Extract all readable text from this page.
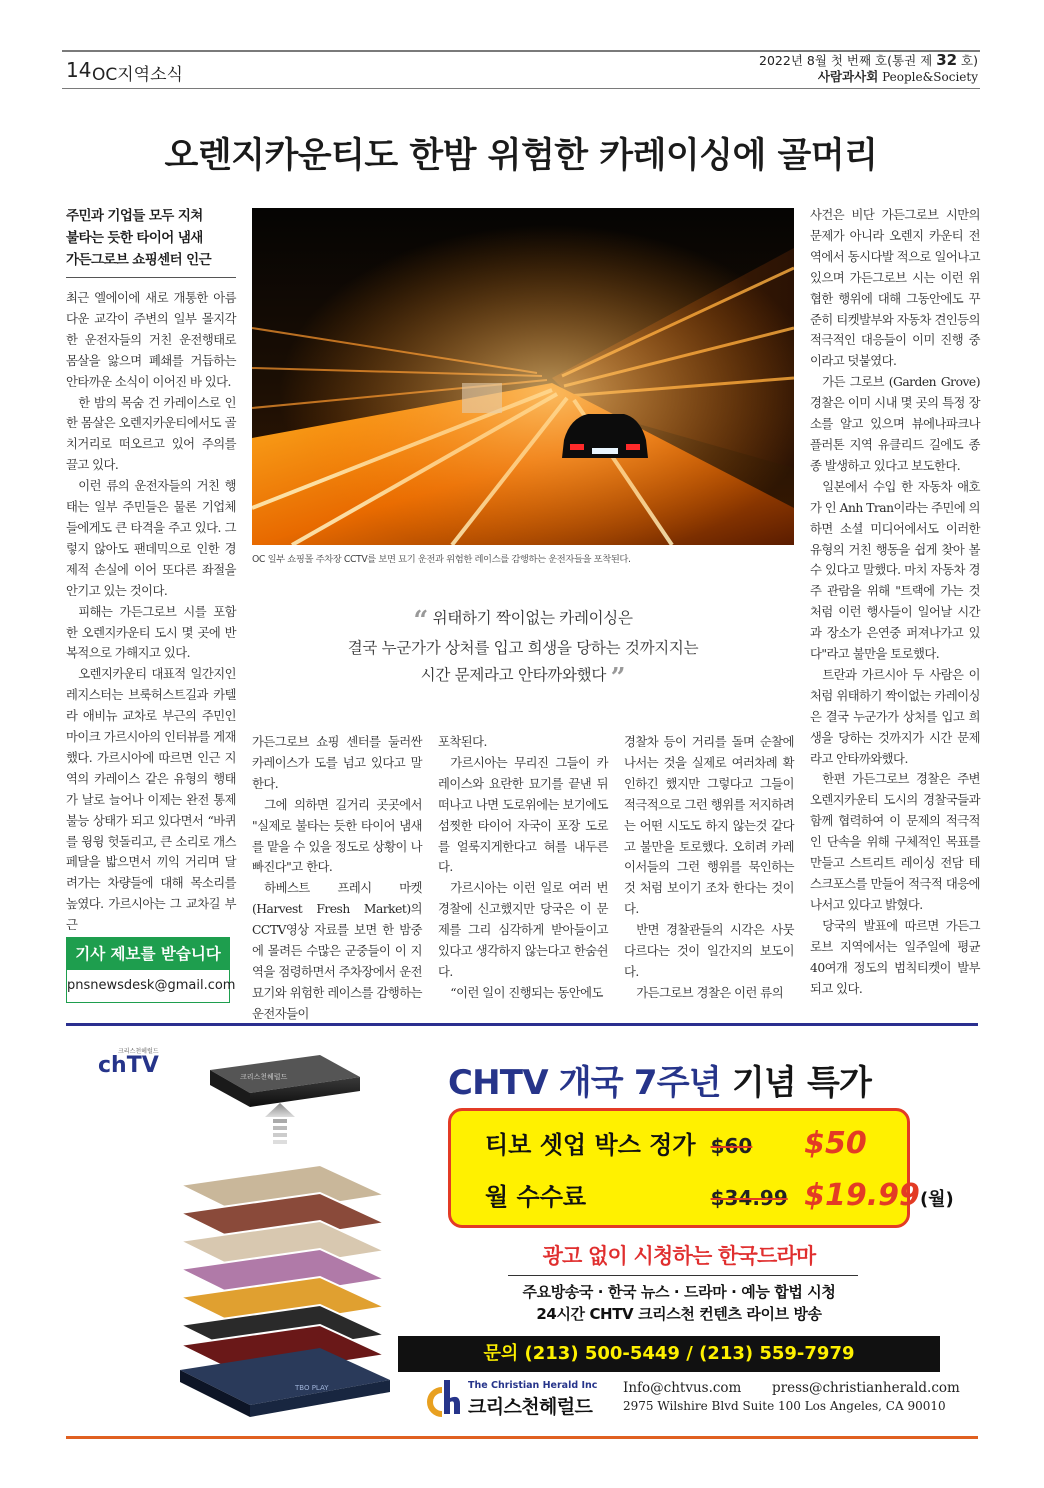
14 OC지역소식
2022년 8월 첫 번째 호(통권 제 32 호)
사람과사회 People&Society
오렌지카운티도 한밤 위험한 카레이싱에 골머리
주민과 기업들 모두 지쳐
불타는 듯한 타이어 냄새
가든그로브 쇼핑센터 인근

최근 엘에이에 새로 개통한 아름다운 교각이 주변의 일부 몰지각한 운전자들의 거친 운전행태로 몸살을 앓으며 폐쇄를 거듭하는 안타까운 소식이 이어진 바 있다.

한 밤의 목숨 건 카레이스로 인한 몸살은 오렌지카운티에서도 골치거리로 떠오르고 있어 주의를 끌고 있다.

이런 류의 운전자들의 거친 행태는 일부 주민들은 물론 기업체들에게도 큰 타격을 주고 있다. 그렇지 않아도 팬데믹으로 인한 경제적 손실에 이어 또다른 좌절을 안기고 있는 것이다.

피해는 가든그로브 시를 포함한 오렌지카운티 도시 몇 곳에 반복적으로 가해지고 있다.

오렌지카운티 대표적 일간지인 레지스터는 브룩허스트길과 카텔라 애비뉴 교차로 부근의 주민인 마이크 가르시아의 인터뷰를 게재했다. 가르시아에 따르면 인근 지역의 카레이스 같은 유형의 행태가 날로 늘어나 이제는 완전 통제불능 상태가 되고 있다면서 “바퀴를 윙윙 헛돌리고, 큰 소리로 개스 페달을 밟으면서 끼익 거리며 달려가는 차량들에 대해 목소리를 높였다. 가르시아는 그 교차길 부근

OC 일부 쇼핑몰 주차장 CCTV를 보면 묘기 운전과 위험한 레이스를 감행하는 운전자들을 포착된다.
“ 위태하기 짝이없는 카레이싱은
결국 누군가가 상처를 입고 희생을 당하는 것까지지는
시간 문제라고 안타까와했다 ”

가든그로브 쇼핑 센터를 둘러싼 카레이스가 도를 넘고 있다고 말한다.

그에 의하면 길거리 곳곳에서 "실제로 불타는 듯한 타이어 냄새를 맡을 수 있을 정도로 상황이 나빠진다"고 한다.

하베스트 프레시 마켓(Harvest Fresh Market)의 CCTV영상 자료를 보면 한 밤중에 몰려든 수많은 군중들이 이 지역을 점령하면서 주차장에서 운전 묘기와 위험한 레이스를 감행하는 운전자들이

포착된다.

가르시아는 무리진 그들이 카레이스와 요란한 묘기를 끝낸 뒤 떠나고 나면 도로위에는 보기에도 섬찟한 타이어 자국이 포장 도로를 얼룩지게한다고 혀를 내두른다.

가르시아는 이런 일로 여러 번 경찰에 신고했지만 당국은 이 문제를 그리 심각하게 받아들이고 있다고 생각하지 않는다고 한숨쉰다.

“이런 일이 진행되는 동안에도

경찰차 등이 거리를 돌며 순찰에 나서는 것을 실제로 여러차례 확인하긴 했지만 그렇다고 그들이 적극적으로 그런 행위를 저지하려는 어떤 시도도 하지 않는것 같다고 불만을 토로했다. 오히려 카레이서들의 그런 행위를 묵인하는 것 처럼 보이기 조차 한다는 것이다.

반면 경찰관들의 시각은 사뭇 다르다는 것이 일간지의 보도이다.

가든그로브 경찰은 이런 류의

사건은 비단 가든그로브 시만의 문제가 아니라 오렌지 카운티 전역에서 동시다발 적으로 일어나고 있으며 가든그로브 시는 이런 위협한 행위에 대해 그동안에도 꾸준히 티켓발부와 자동차 견인등의 적극적인 대응들이 이미 진행 중이라고 덧붙였다.

가든 그로브 (Garden Grove) 경찰은 이미 시내 몇 곳의 특정 장소를 알고 있으며 뷰에나파크나 플러톤 지역 유클리드 길에도 종종 발생하고 있다고 보도한다.

일본에서 수입 한 자동차 애호가 인 Anh Tran이라는 주민에 의하면 소셜 미디어에서도 이러한 유형의 거친 행동을 쉽게 찾아 볼 수 있다고 말했다. 마치 자동차 경주 관람을 위해 "트랙에 가는 것처럼 이런 행사들이 일어날 시간과 장소가 은연중 퍼져나가고 있다"라고 불만을 토로했다.

트란과 가르시아 두 사람은 이처럼 위태하기 짝이없는 카레이싱은 결국 누군가가 상처를 입고 희생을 당하는 것까지가 시간 문제라고 안타까와했다.

한편 가든그로브 경찰은 주변 오렌지카운티 도시의 경찰국들과 함께 협력하여 이 문제의 적극적인 단속을 위해 구체적인 목표를 만들고 스트리트 레이싱 전담 테스크포스를 만들어 적극적 대응에 나서고 있다고 밝혔다.

당국의 발표에 따르면 가든그로브 지역에서는 일주일에 평균 40여개 정도의 범칙티켓이 발부되고 있다.

기사 제보를 받습니다
pnsnewsdesk@gmail.com
크리스천헤럴드
chTV	크리스천헤럴드
TBO PLAY
CHTV 개국 7주년 기념 특가
티보 셋업 박스 정가 $60 $50
월 수수료	$34.99 $19.99(월)
광고 없이 시청하는 한국드라마
주요방송국 · 한국 뉴스 · 드라마 · 예능 합법 시청
24시간 CHTV 크리스천 컨텐츠 라이브 방송
문의 (213) 500-5449 / (213) 559-7979
The Christian Herald Inc
크리스천헤럴드
Info@chtvus.com press@christianherald.com
2975 Wilshire Blvd Suite 100 Los Angeles, CA 90010
